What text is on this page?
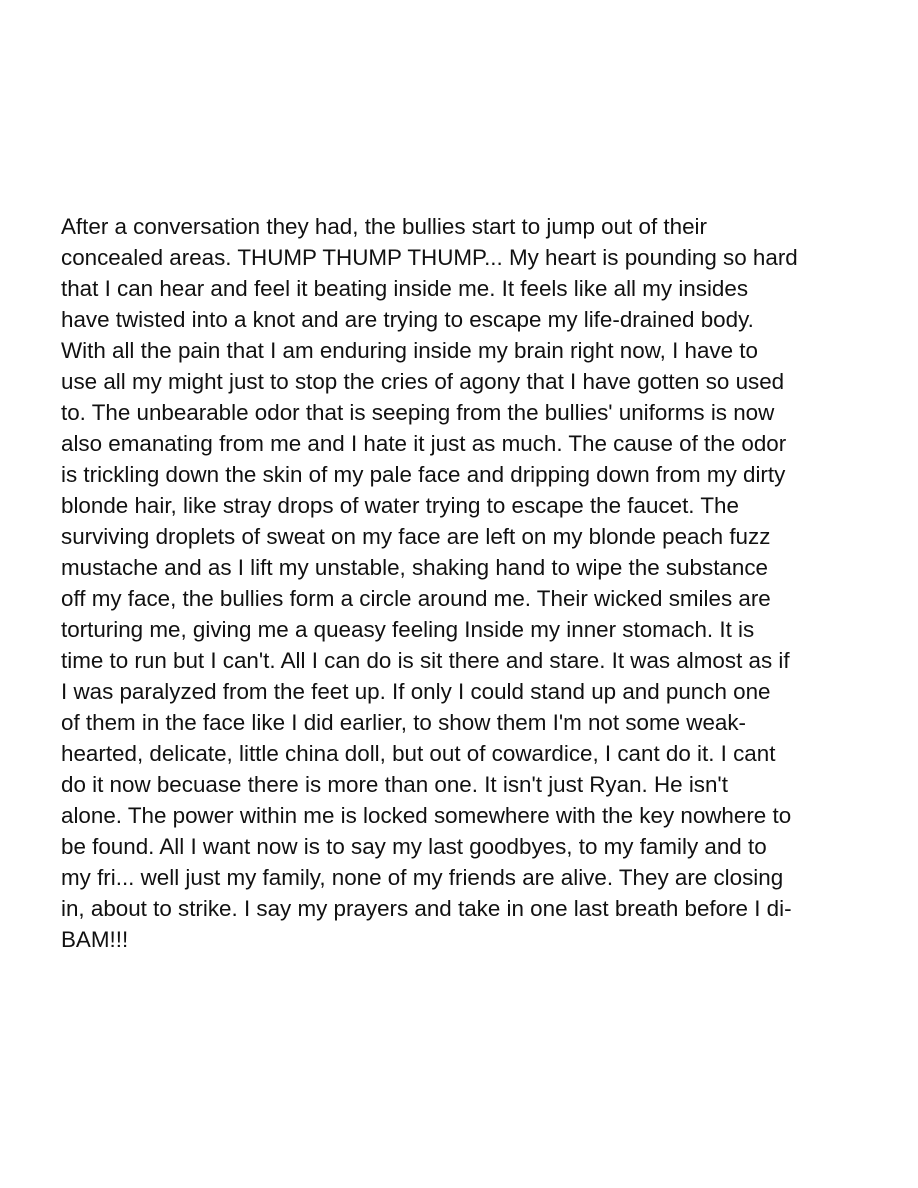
After a conversation they had, the bullies start to jump out of their
concealed areas. THUMP THUMP THUMP... My heart is pounding so hard
that I can hear and feel it beating inside me. It feels like all my insides
have twisted into a knot and are trying to escape my life-drained body.
With all the pain that I am enduring inside my brain right now, I have to
use all my might just to stop the cries of agony that I have gotten so used
to. The unbearable odor that is seeping from the bullies' uniforms is now
also emanating from me and I hate it just as much. The cause of the odor
is trickling down the skin of my pale face and dripping down from my dirty
blonde hair, like stray drops of water trying to escape the faucet. The
surviving droplets of sweat on my face are left on my blonde peach fuzz
mustache and as I lift my unstable, shaking hand to wipe the substance
off my face, the bullies form a circle around me. Their wicked smiles are
torturing me, giving me a queasy feeling Inside my inner stomach. It is
time to run but I can't. All I can do is sit there and stare. It was almost as if
I was paralyzed from the feet up. If only I could stand up and punch one
of them in the face like I did earlier, to show them I'm not some weak-
hearted, delicate, little china doll, but out of cowardice, I cant do it. I cant
do it now becuase there is more than one. It isn't just Ryan. He isn't
alone. The power within me is locked somewhere with the key nowhere to
be found. All I want now is to say my last goodbyes, to my family and to
my fri... well just my family, none of my friends are alive. They are closing
in, about to strike. I say my prayers and take in one last breath before I di-
BAM!!!
